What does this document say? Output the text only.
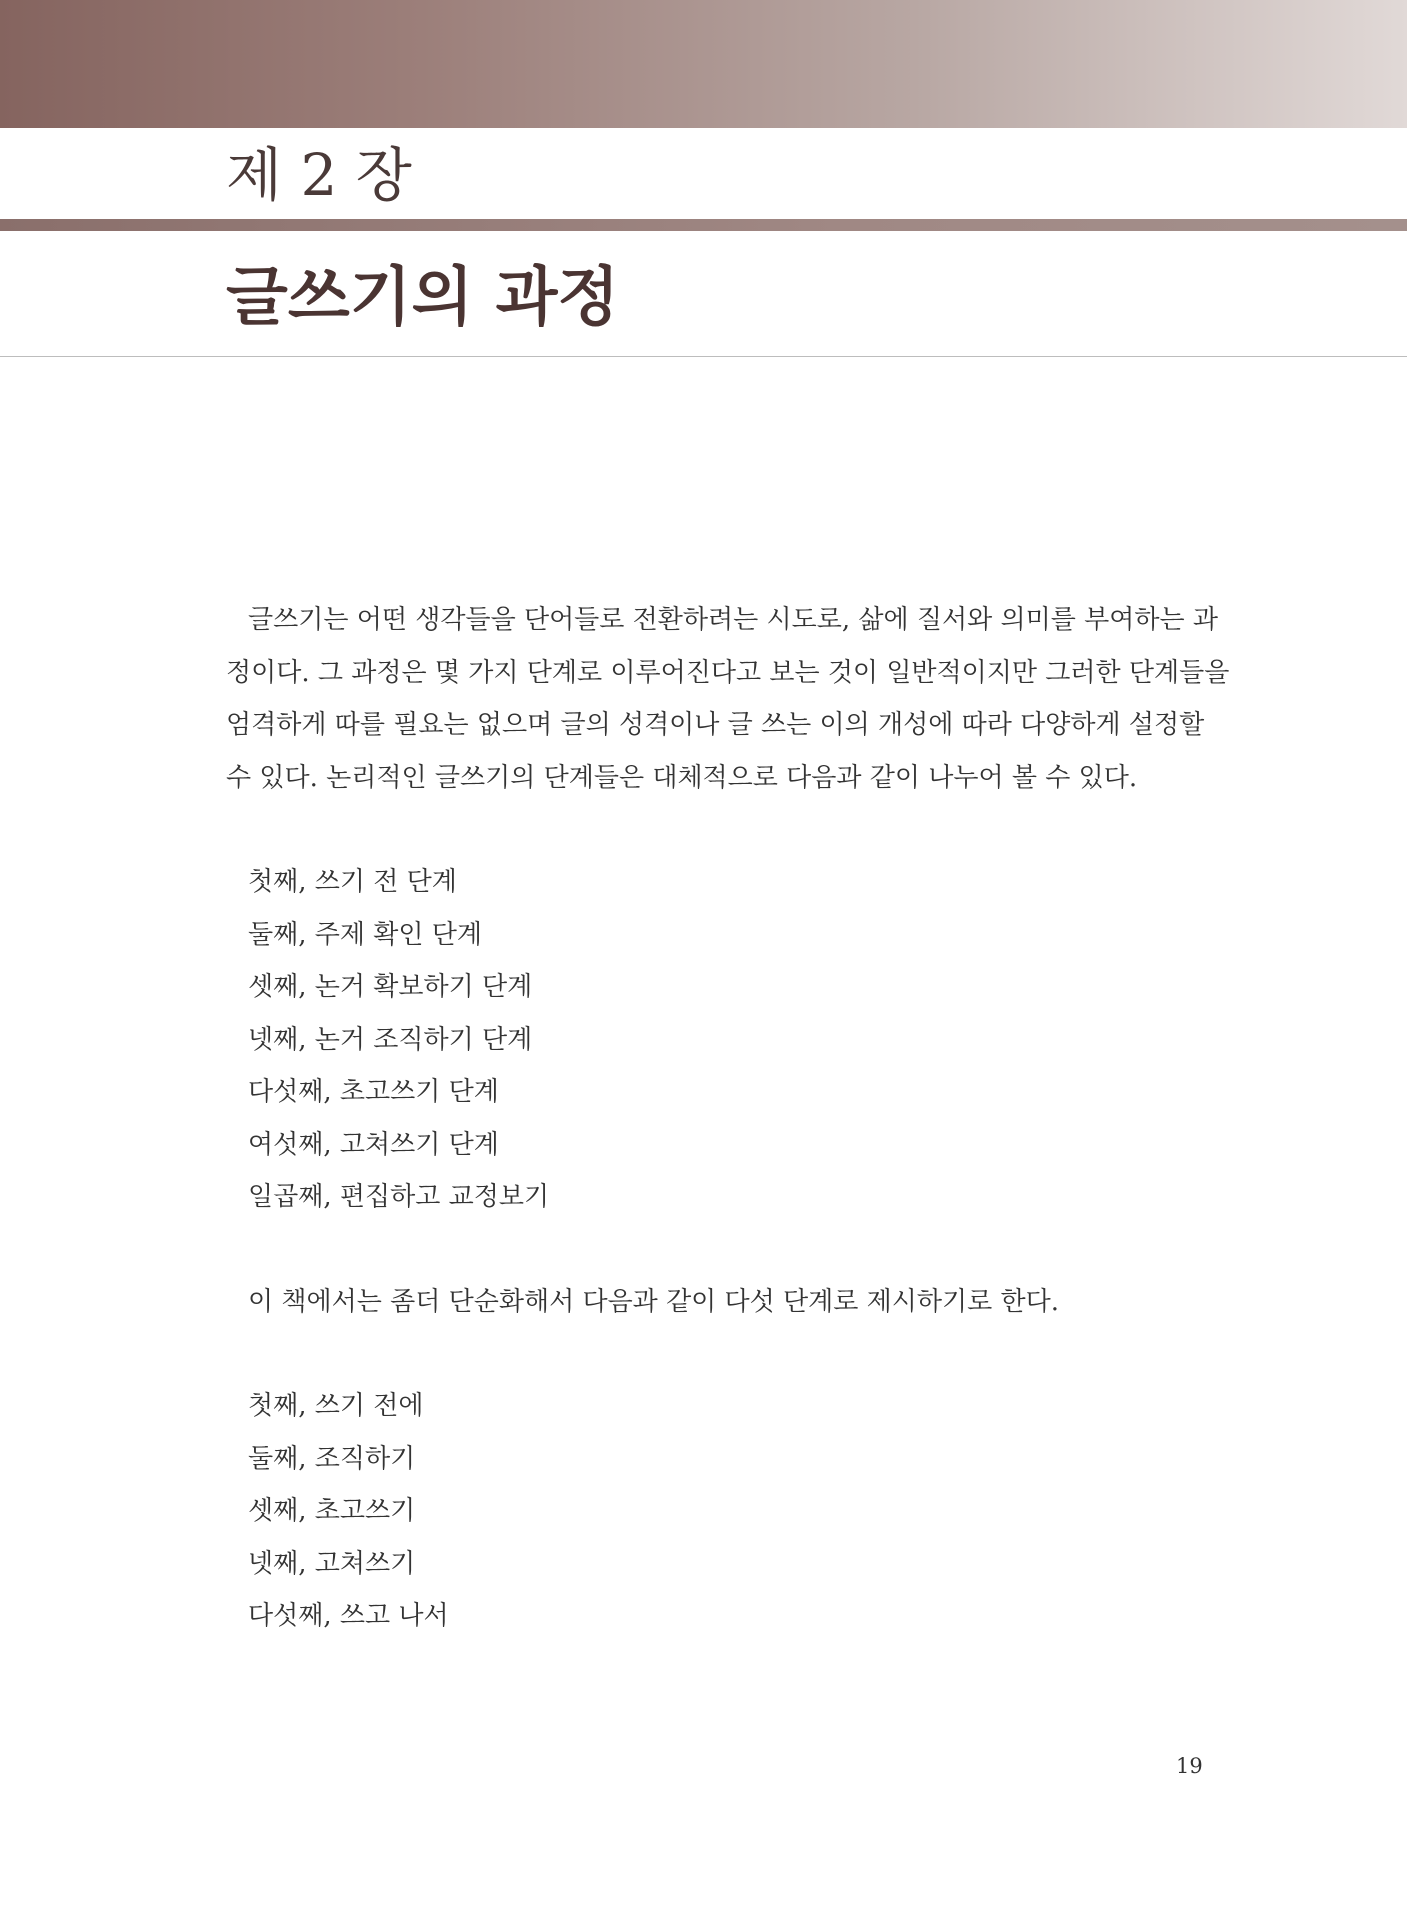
제 2 장
글쓰기의 과정

글쓰기는 어떤 생각들을 단어들로 전환하려는 시도로, 삶에 질서와 의미를 부여하는 과
정이다. 그 과정은 몇 가지 단계로 이루어진다고 보는 것이 일반적이지만 그러한 단계들을
엄격하게 따를 필요는 없으며 글의 성격이나 글 쓰는 이의 개성에 따라 다양하게 설정할
수 있다. 논리적인 글쓰기의 단계들은 대체적으로 다음과 같이 나누어 볼 수 있다.

첫째, 쓰기 전 단계
둘째, 주제 확인 단계
셋째, 논거 확보하기 단계
넷째, 논거 조직하기 단계
다섯째, 초고쓰기 단계
여섯째, 고쳐쓰기 단계
일곱째, 편집하고 교정보기

이 책에서는 좀더 단순화해서 다음과 같이 다섯 단계로 제시하기로 한다.

첫째, 쓰기 전에
둘째, 조직하기
셋째, 초고쓰기
넷째, 고쳐쓰기
다섯째, 쓰고 나서
19
